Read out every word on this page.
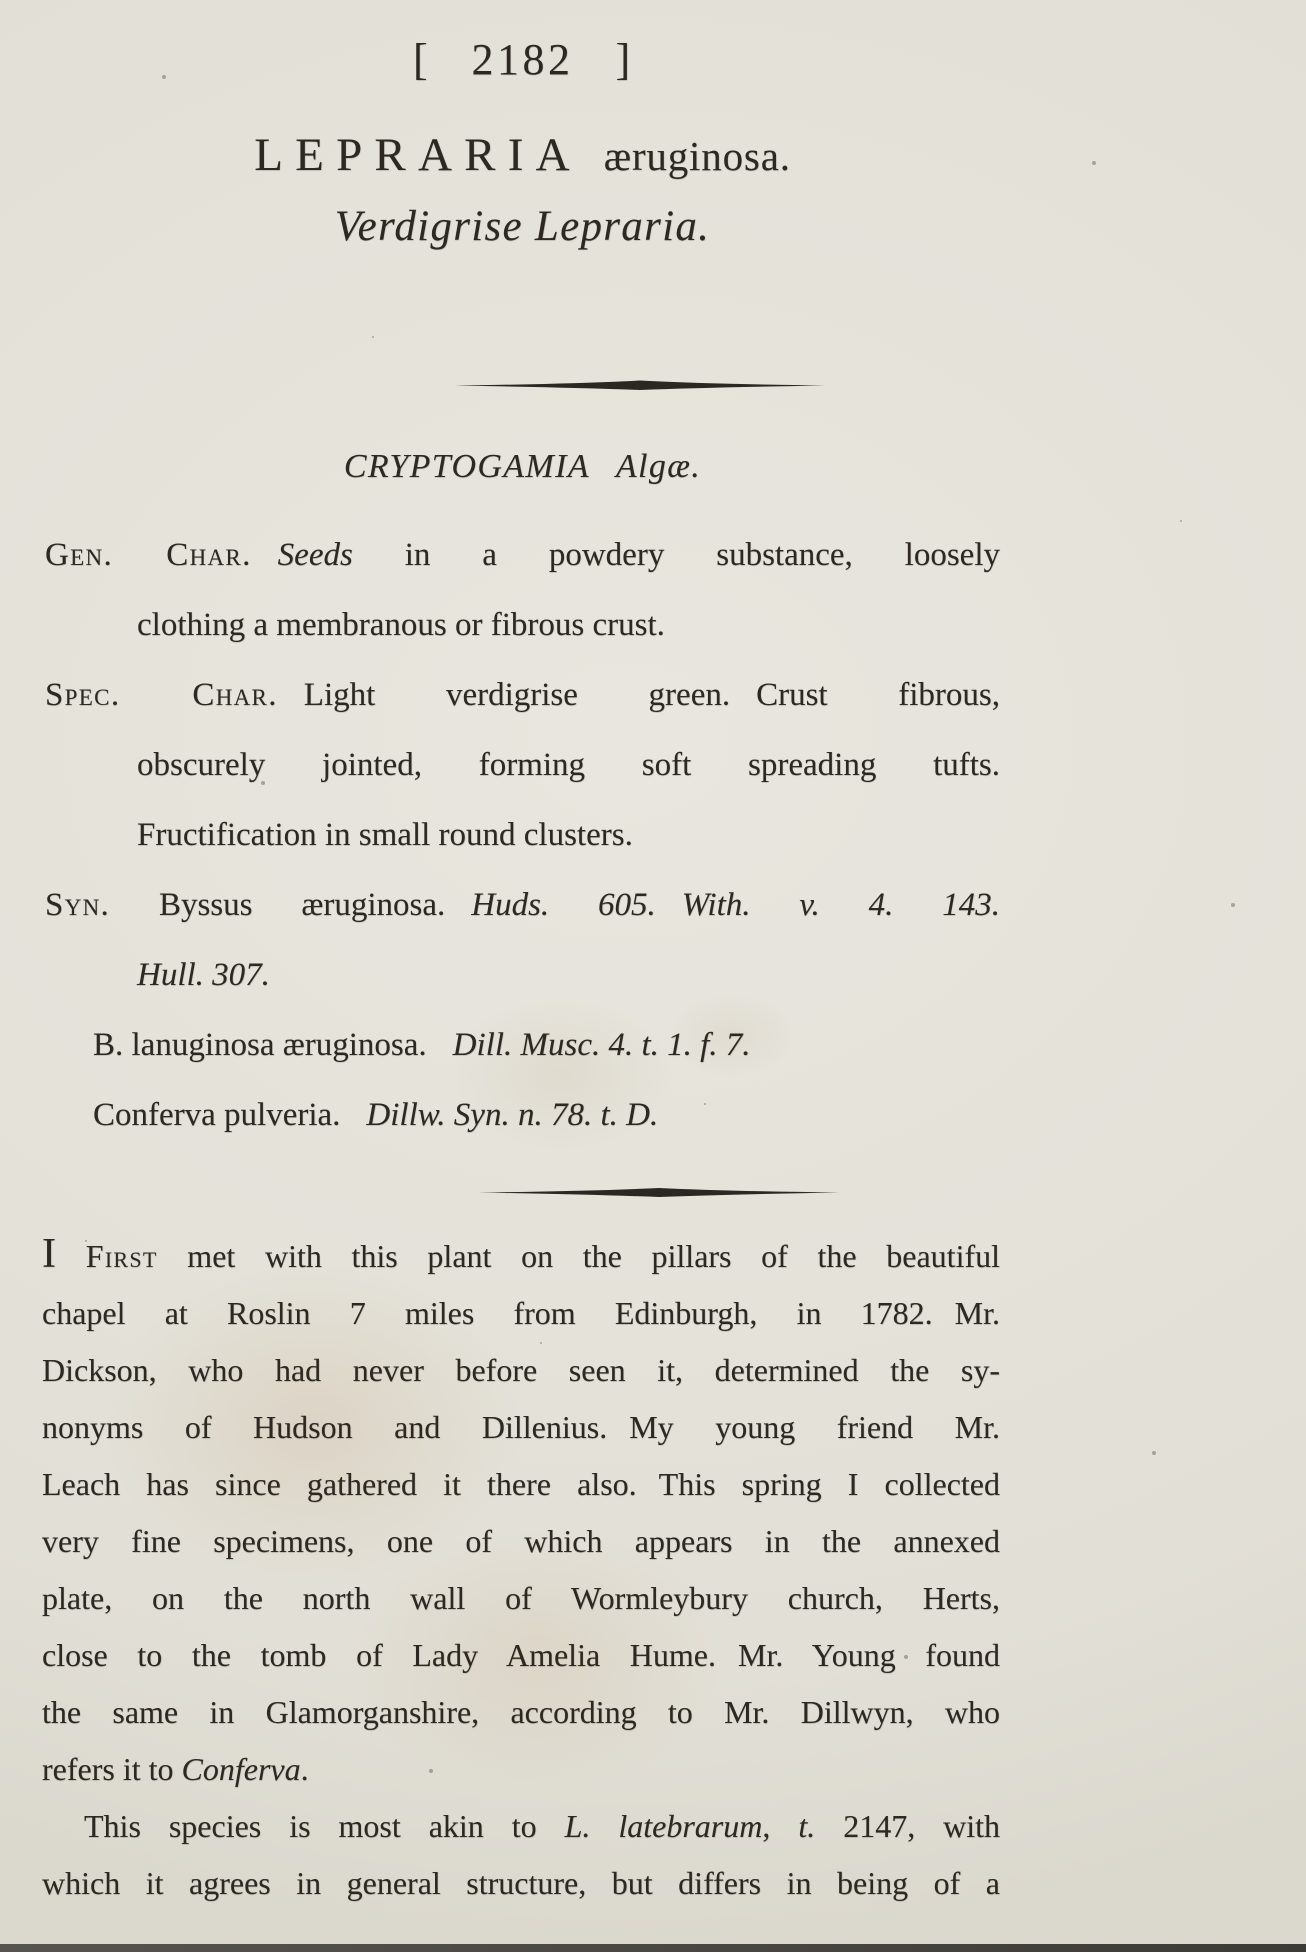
[ 2182 ]
LEPRARIA æruginosa.
Verdigrise Lepraria.
CRYPTOGAMIA Algæ.
Gen. Char. Seeds in a powdery substance, loosely
clothing a membranous or fibrous crust.
Spec. Char. Light verdigrise green. Crust fibrous,
obscurely jointed, forming soft spreading tufts.
Fructification in small round clusters.
Syn. Byssus æruginosa. Huds. 605. With. v. 4. 143.
Hull. 307.
B. lanuginosa æruginosa. Dill. Musc. 4. t. 1. f. 7.
Conferva pulveria. Dillw. Syn. n. 78. t. D.
I First met with this plant on the pillars of the beautiful
chapel at Roslin 7 miles from Edinburgh, in 1782. Mr.
Dickson, who had never before seen it, determined the sy-
nonyms of Hudson and Dillenius. My young friend Mr.
Leach has since gathered it there also. This spring I collected
very fine specimens, one of which appears in the annexed
plate, on the north wall of Wormleybury church, Herts,
close to the tomb of Lady Amelia Hume. Mr. Young found
the same in Glamorganshire, according to Mr. Dillwyn, who
refers it to Conferva.
This species is most akin to L. latebrarum, t. 2147, with
which it agrees in general structure, but differs in being of a
